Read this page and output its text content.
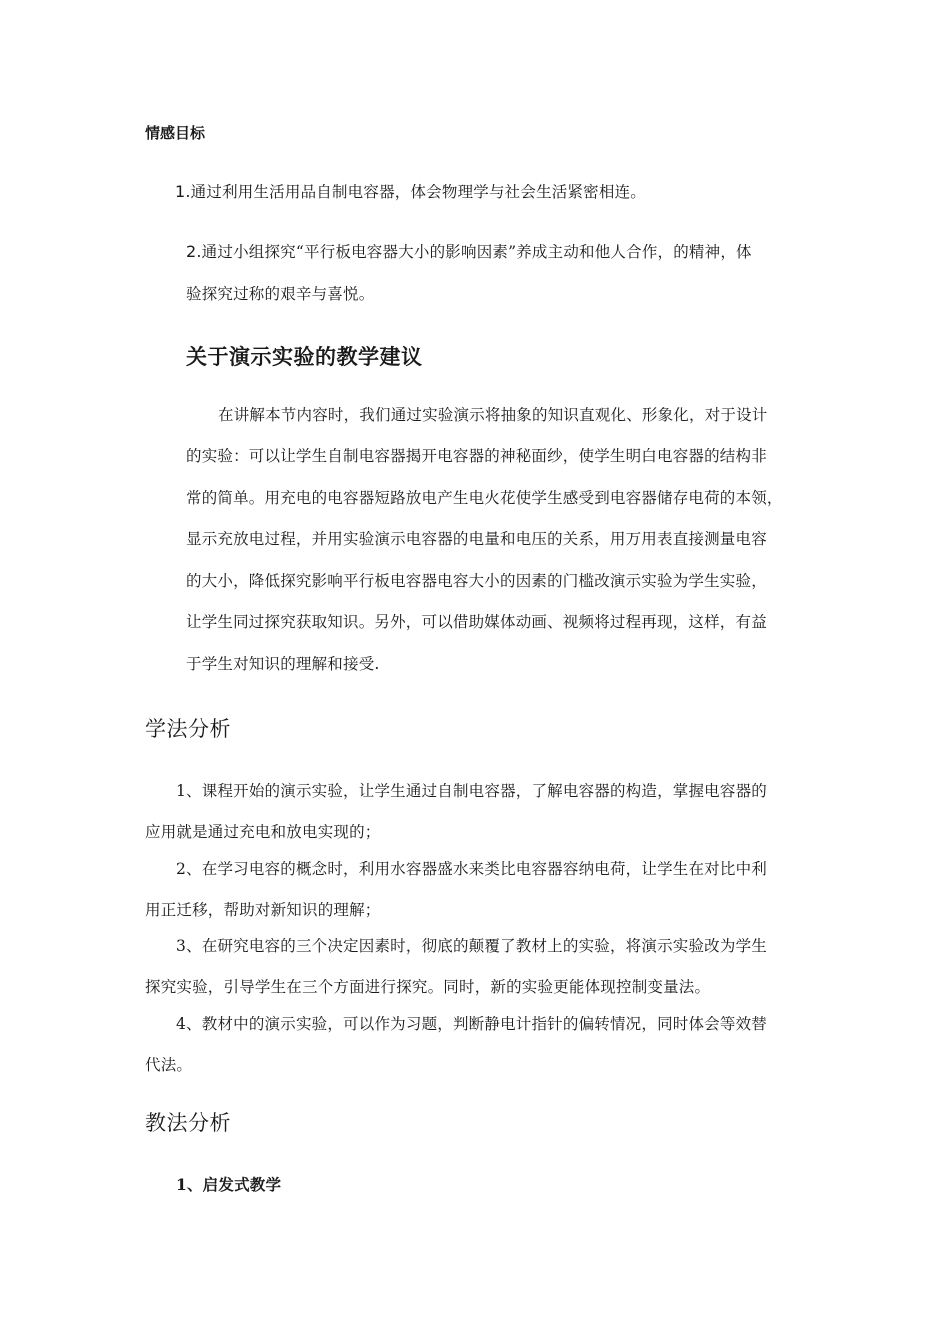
情感目标
1.通过利用生活用品自制电容器，体会物理学与社会生活紧密相连。
2.通过小组探究“平行板电容器大小的影响因素”养成主动和他人合作，的精神，体
验探究过称的艰辛与喜悦。
关于演示实验的教学建议
在讲解本节内容时，我们通过实验演示将抽象的知识直观化、形象化，对于设计
的实验：可以让学生自制电容器揭开电容器的神秘面纱，使学生明白电容器的结构非
常的简单。用充电的电容器短路放电产生电火花使学生感受到电容器储存电荷的本领，
显示充放电过程，并用实验演示电容器的电量和电压的关系，用万用表直接测量电容
的大小，降低探究影响平行板电容器电容大小的因素的门槛改演示实验为学生实验，
让学生同过探究获取知识。另外，可以借助媒体动画、视频将过程再现，这样，有益
于学生对知识的理解和接受.
学法分析
1、课程开始的演示实验，让学生通过自制电容器，了解电容器的构造，掌握电容器的
应用就是通过充电和放电实现的；
2、在学习电容的概念时，利用水容器盛水来类比电容器容纳电荷，让学生在对比中利
用正迁移，帮助对新知识的理解；
3、在研究电容的三个决定因素时，彻底的颠覆了教材上的实验，将演示实验改为学生
探究实验，引导学生在三个方面进行探究。同时，新的实验更能体现控制变量法。
4、教材中的演示实验，可以作为习题，判断静电计指针的偏转情况，同时体会等效替
代法。
教法分析
1、启发式教学
